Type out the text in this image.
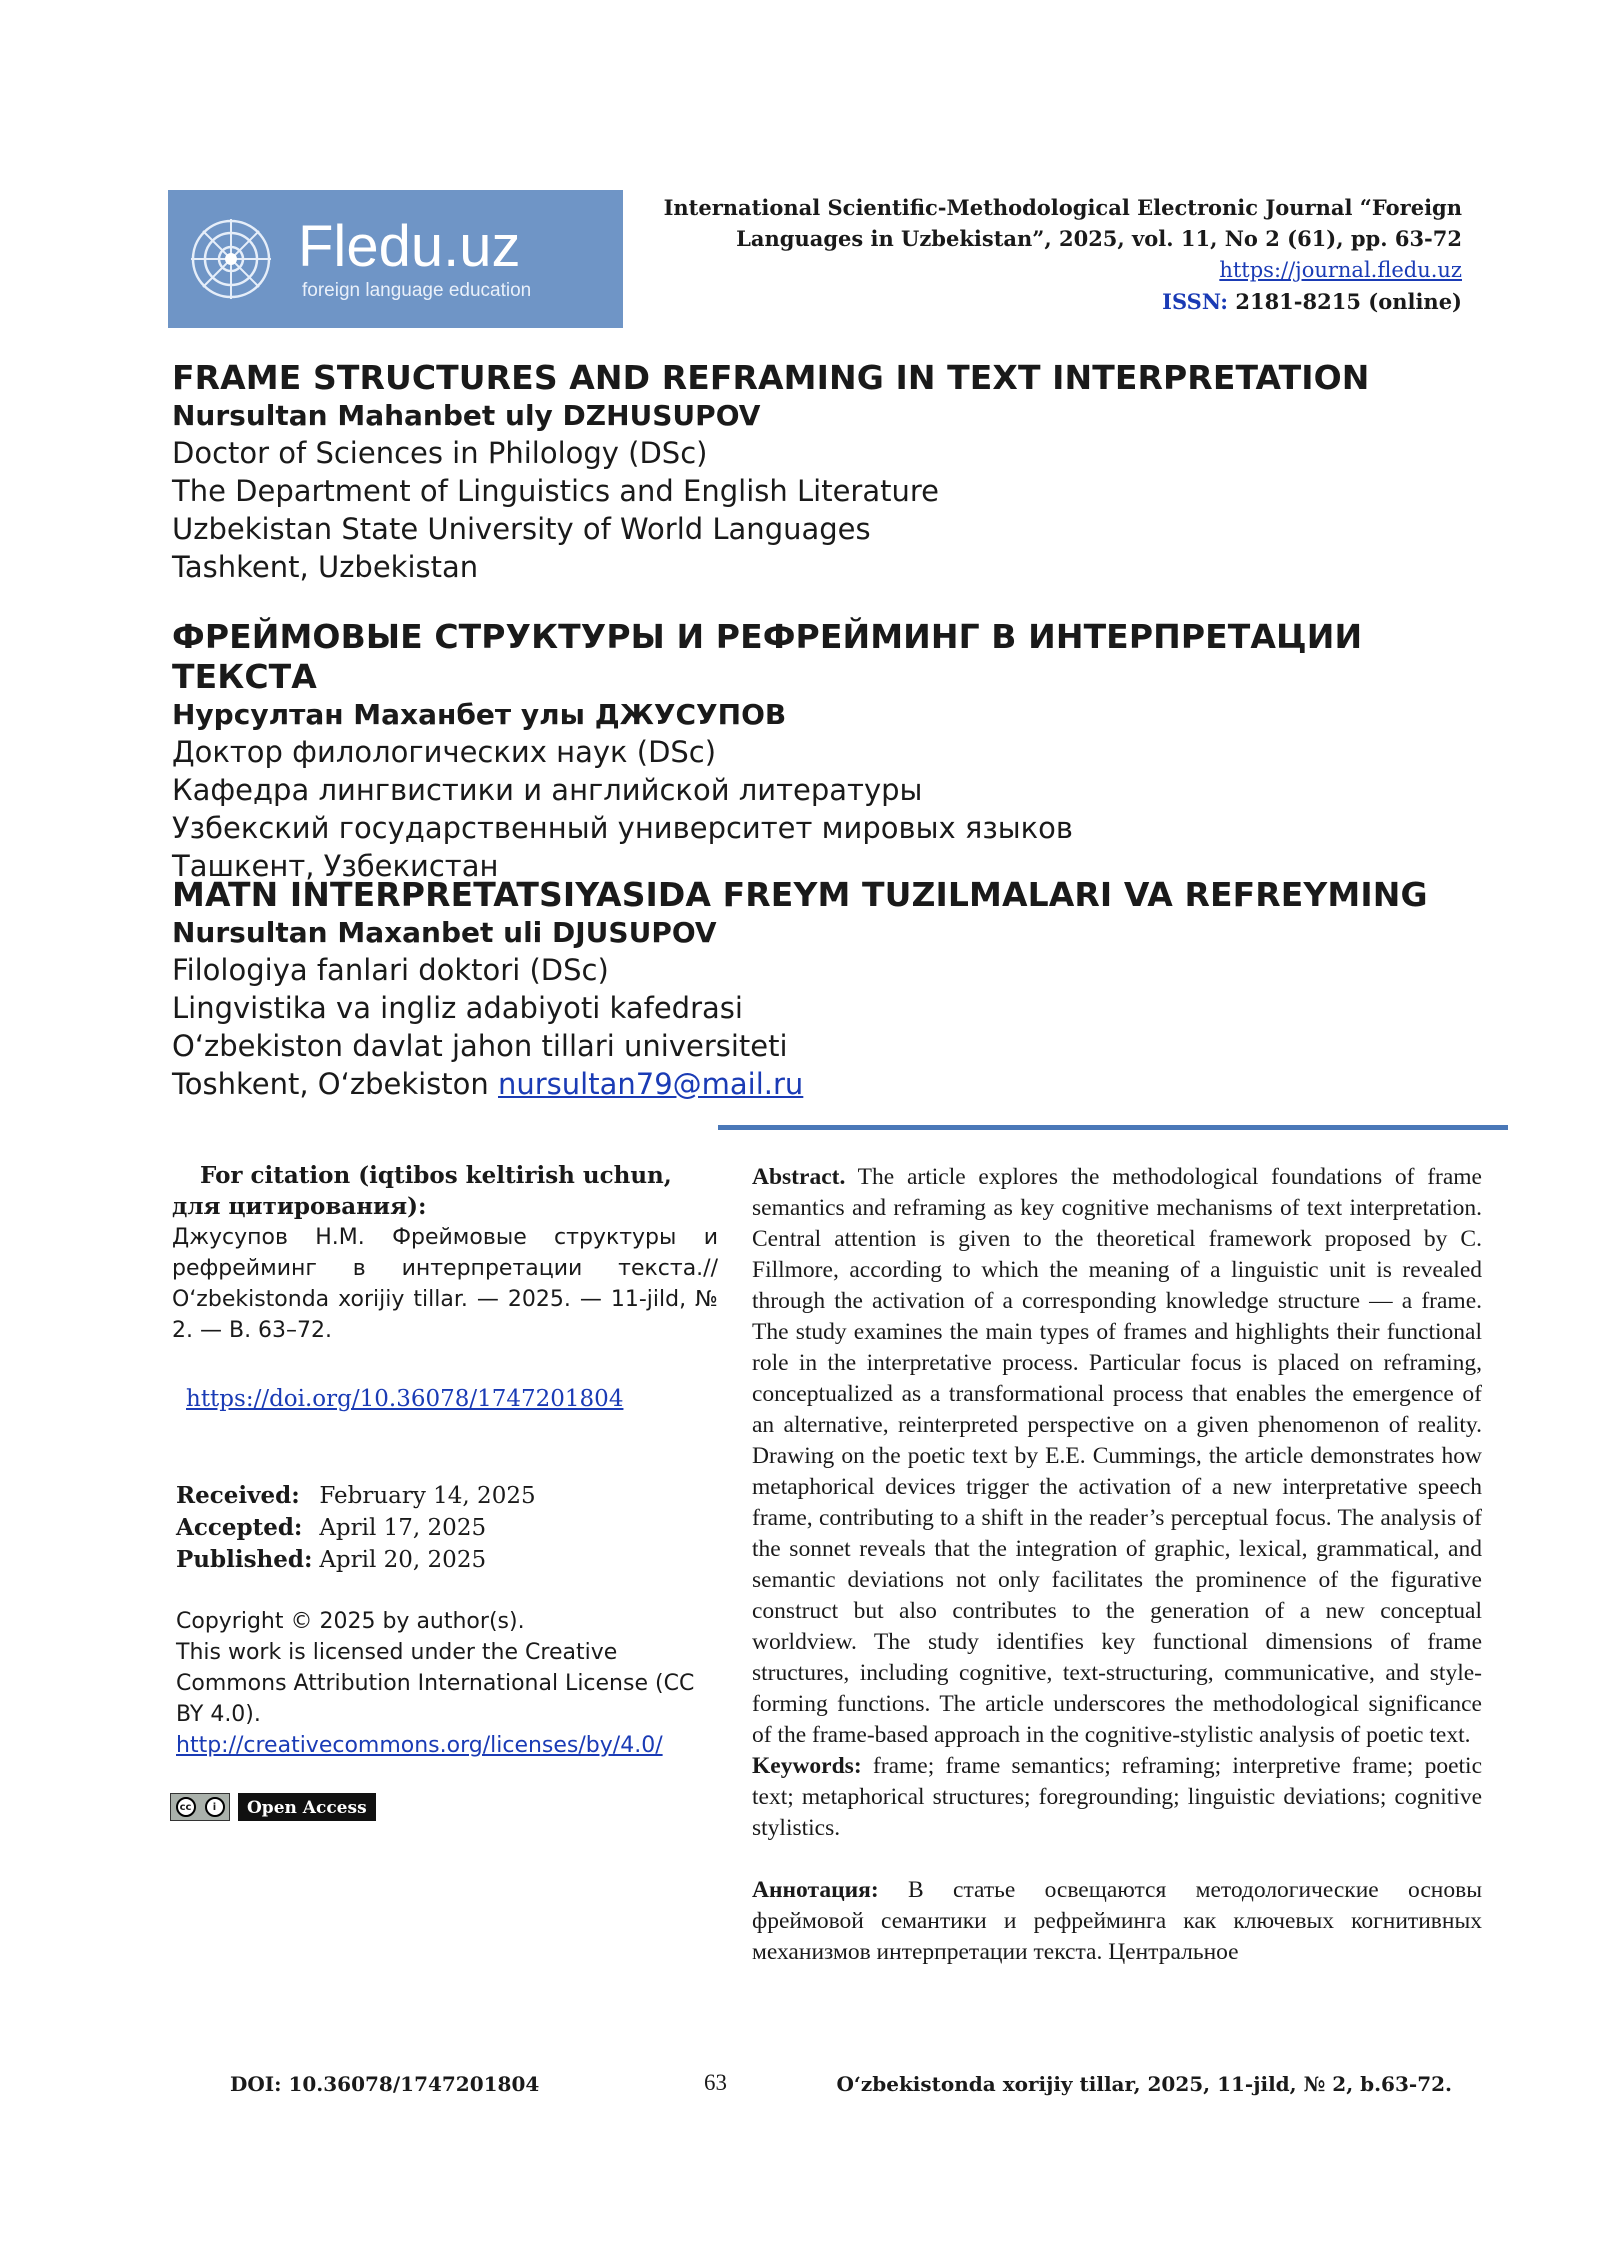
Fledu.uz
foreign language education
International Scientific-Methodological Electronic Journal “Foreign
Languages in Uzbekistan”, 2025, vol. 11, No 2 (61), pp. 63-72
https://journal.fledu.uz
ISSN: 2181-8215 (online)
FRAME STRUCTURES AND REFRAMING IN TEXT INTERPRETATION
Nursultan Mahanbet uly DZHUSUPOV
Doctor of Sciences in Philology (DSc)
The Department of Linguistics and English Literature
Uzbekistan State University of World Languages
Tashkent, Uzbekistan
ФРЕЙМОВЫЕ СТРУКТУРЫ И РЕФРЕЙМИНГ В ИНТЕРПРЕТАЦИИ ТЕКСТА
Нурсултан Маханбет улы ДЖУСУПОВ
Доктор филологических наук (DSc)
Кафедра лингвистики и английской литературы
Узбекский государственный университет мировых языков
Ташкент, Узбекистан
MATN INTERPRETATSIYASIDA FREYM TUZILMALARI VA REFREYMING
Nursultan Maxanbet uli DJUSUPOV
Filologiya fanlari doktori (DSc)
Lingvistika va ingliz adabiyoti kafedrasi
O‘zbekiston davlat jahon tillari universiteti
Toshkent, O‘zbekiston nursultan79@mail.ru
For citation (iqtibos keltirish uchun, для цитирования):
Джусупов Н.М. Фреймовые структуры и рефрейминг в интерпретации текста.// O‘zbekistonda xorijiy tillar. — 2025. — 11-jild, № 2. — B. 63–72.
https://doi.org/10.36078/1747201804
Received: February 14, 2025
Accepted: April 17, 2025
Published: April 20, 2025
Copyright © 2025 by author(s).
This work is licensed under the Creative Commons Attribution International License (CC BY 4.0).
http://creativecommons.org/licenses/by/4.0/
cc	i	Open Access

Abstract. The article explores the methodological foundations of frame semantics and reframing as key cognitive mechanisms of text interpretation. Central attention is given to the theoretical framework proposed by C. Fillmore, according to which the meaning of a linguistic unit is revealed through the activation of a corresponding knowledge structure — a frame. The study examines the main types of frames and highlights their functional role in the interpretative process. Particular focus is placed on reframing, conceptualized as a transformational process that enables the emergence of an alternative, reinterpreted perspective on a given phenomenon of reality. Drawing on the poetic text by E.E. Cummings, the article demonstrates how metaphorical devices trigger the activation of a new interpretative speech frame, contributing to a shift in the reader’s perceptual focus. The analysis of the sonnet reveals that the integration of graphic, lexical, grammatical, and semantic deviations not only facilitates the prominence of the figurative construct but also contributes to the generation of a new conceptual worldview. The study identifies key functional dimensions of frame structures, including cognitive, text-structuring, communicative, and style-forming functions. The article underscores the methodological significance of the frame-based approach in the cognitive-stylistic analysis of poetic text.

Keywords: frame; frame semantics; reframing; interpretive frame; poetic text; metaphorical structures; foregrounding; linguistic deviations; cognitive stylistics.

Аннотация: В статье освещаются методологические основы фреймовой семантики и рефрейминга как ключевых когнитивных механизмов интерпретации текста. Центральное

DOI: 10.36078/1747201804	63	O‘zbekistonda xorijiy tillar, 2025, 11-jild, № 2, b.63-72.
